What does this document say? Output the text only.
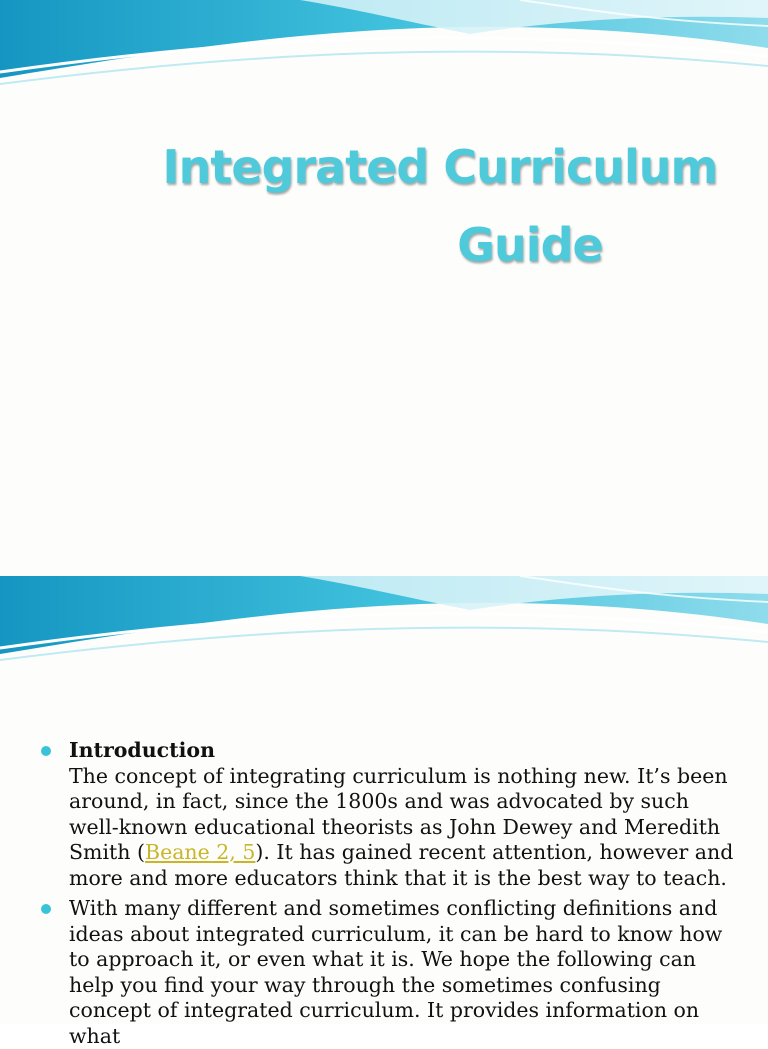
Integrated Curriculum
Guide
Introduction
The concept of integrating curriculum is nothing new. It’s been around, in fact, since the 1800s and was advocated by such well-known educational theorists as John Dewey and Meredith Smith (Beane 2, 5). It has gained recent attention, however and more and more educators think that it is the best way to teach.
With many different and sometimes conflicting definitions and ideas about integrated curriculum, it can be hard to know how to approach it, or even what it is. We hope the following can help you find your way through the sometimes confusing concept of integrated curriculum. It provides information on what
